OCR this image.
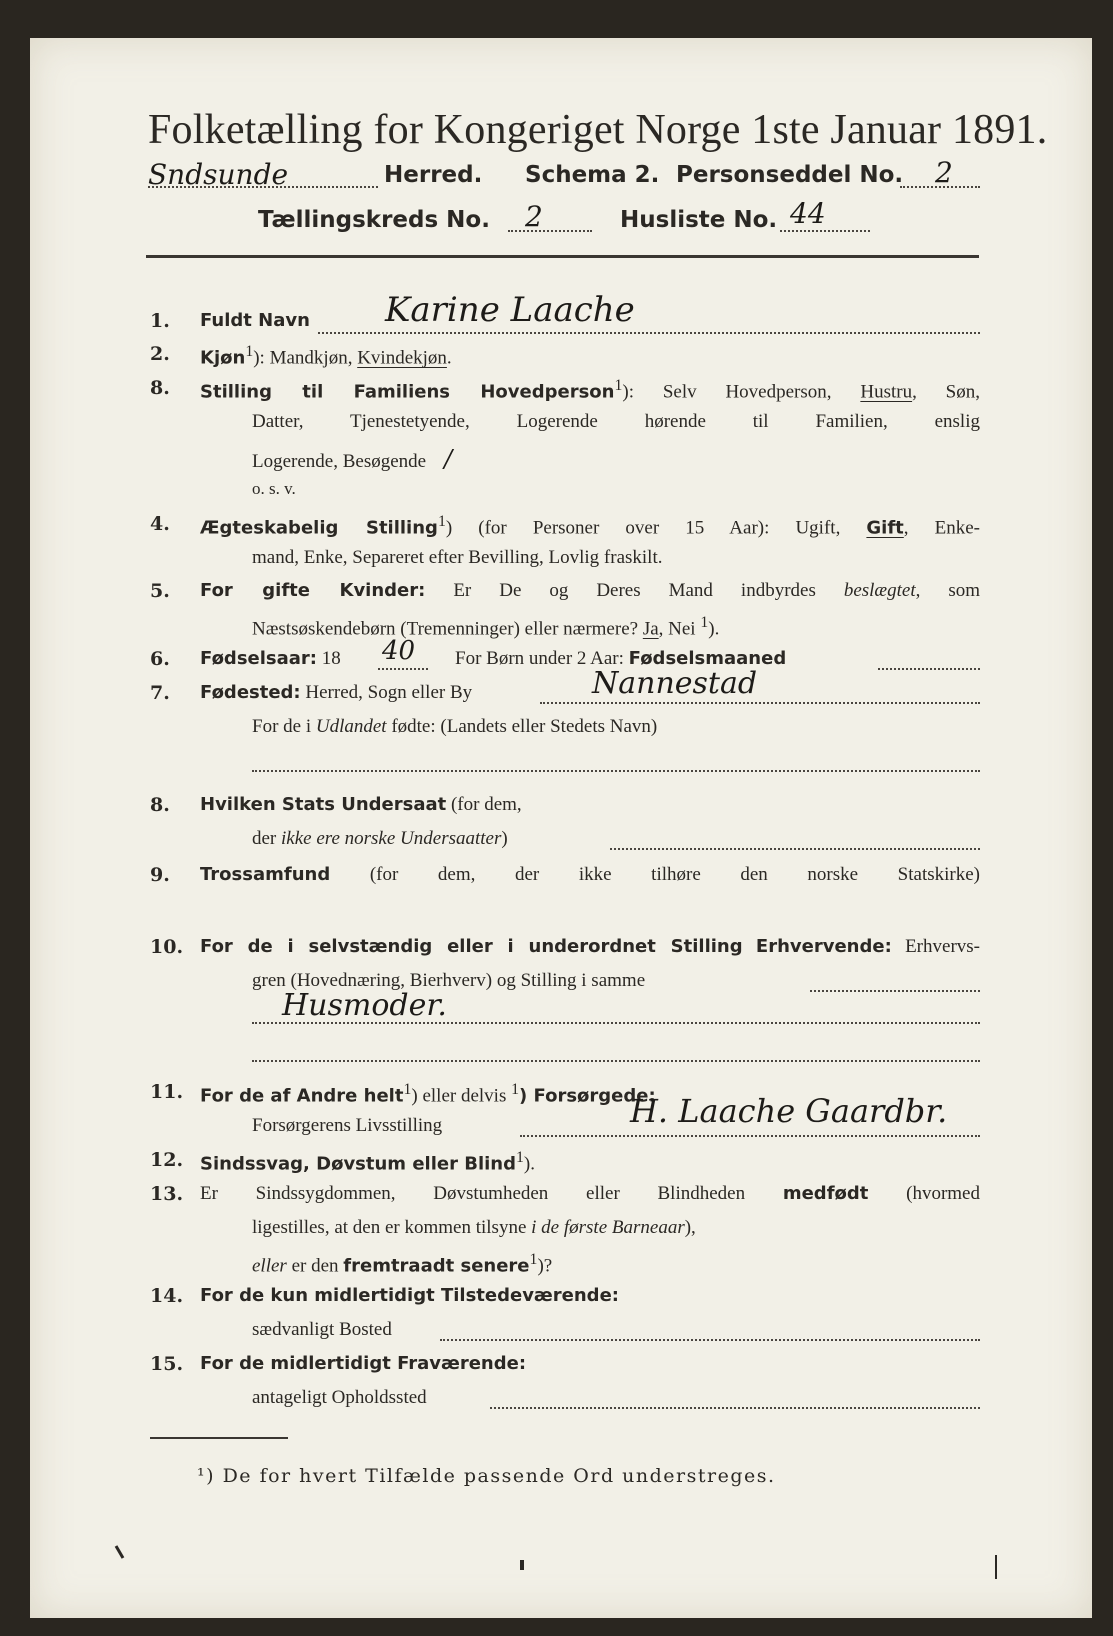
Folketælling for Kongeriget Norge 1ste Januar 1891.
Sndsunde	Herred. Schema 2. Personseddel No. 2
Tællingskreds No. 2	Husliste No. 44
1.	Fuldt Navn Karine Laache
2.	Kjøn$^1$): Mandkjøn, Kvindekjøn.
8.	Stilling til Familiens Hovedperson$^1$): Selv Hovedperson, Hustru, Søn,
Datter, Tjenestetyende, Logerende hørende til Familien, enslig
Logerende, Besøgende /
o. s. v.
4.	Ægteskabelig Stilling$^1$) (for Personer over 15 Aar): Ugift, Gift, Enke-
mand, Enke, Separeret efter Bevilling, Lovlig fraskilt.
5.	For gifte Kvinder: Er De og Deres Mand indbyrdes beslægtet, som
Næstsøskendebørn (Tremenninger) eller nærmere? Ja, Nei $^1$).
6.	Fødselsaar: 18 40 For Børn under 2 Aar: Fødselsmaaned
7.	Fødested: Herred, Sogn eller By	Nannestad
For de i Udlandet fødte: (Landets eller Stedets Navn)
8.	Hvilken Stats Undersaat (for dem,
der ikke ere norske Undersaatter)
9.	Trossamfund (for dem, der ikke tilhøre den norske Statskirke)
10. For de i selvstændig eller i underordnet Stilling Erhvervende: Erhvervs-
gren (Hovednæring, Bierhverv) og Stilling i samme
Husmoder.
11. For de af Andre helt$^1$) eller delvis $^1$) Forsørgede:
Forsørgerens Livsstilling	H. Laache Gaardbr.
12. Sindssvag, Døvstum eller Blind$^1$).
13. Er Sindssygdommen, Døvstumheden eller Blindheden medfødt (hvormed
ligestilles, at den er kommen tilsyne i de første Barneaar),
eller er den fremtraadt senere$^1$)?
14. For de kun midlertidigt Tilstedeværende:
sædvanligt Bosted
15. For de midlertidigt Fraværende:
antageligt Opholdssted
¹) De for hvert Tilfælde passende Ord understreges.
